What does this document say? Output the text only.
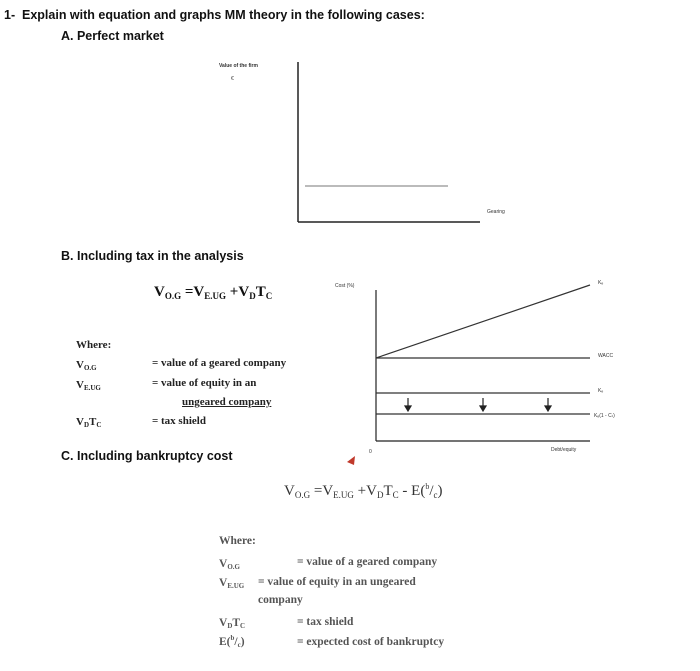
1- Explain with equation and graphs MM theory in the following cases:
A. Perfect market
Value of the firm
€
Gearing
B. Including tax in the analysis
$V_{O.G} =V_{E.UG} +V_DT_C$
Where:
$V_{O.G}$	= value of a geared company
$V_{E.UG}$	= value of equity in an
ungeared company
$V_DT_C$	= tax shield
Cost (%)	Kₑ
WACC
Kₑ
Kₑ(1 - Cₜ)
0	Debt/equity
C. Including bankruptcy cost
$V_{O.G} =V_{E.UG} +V_DT_C - E(^b/_c)$
Where:
$V_{O.G}$	= value of a geared company
$V_{E.UG}$ = value of equity in an ungeared
company
$V_DT_C$	= tax shield
$E(^b/_c)$	= expected cost of bankruptcy
